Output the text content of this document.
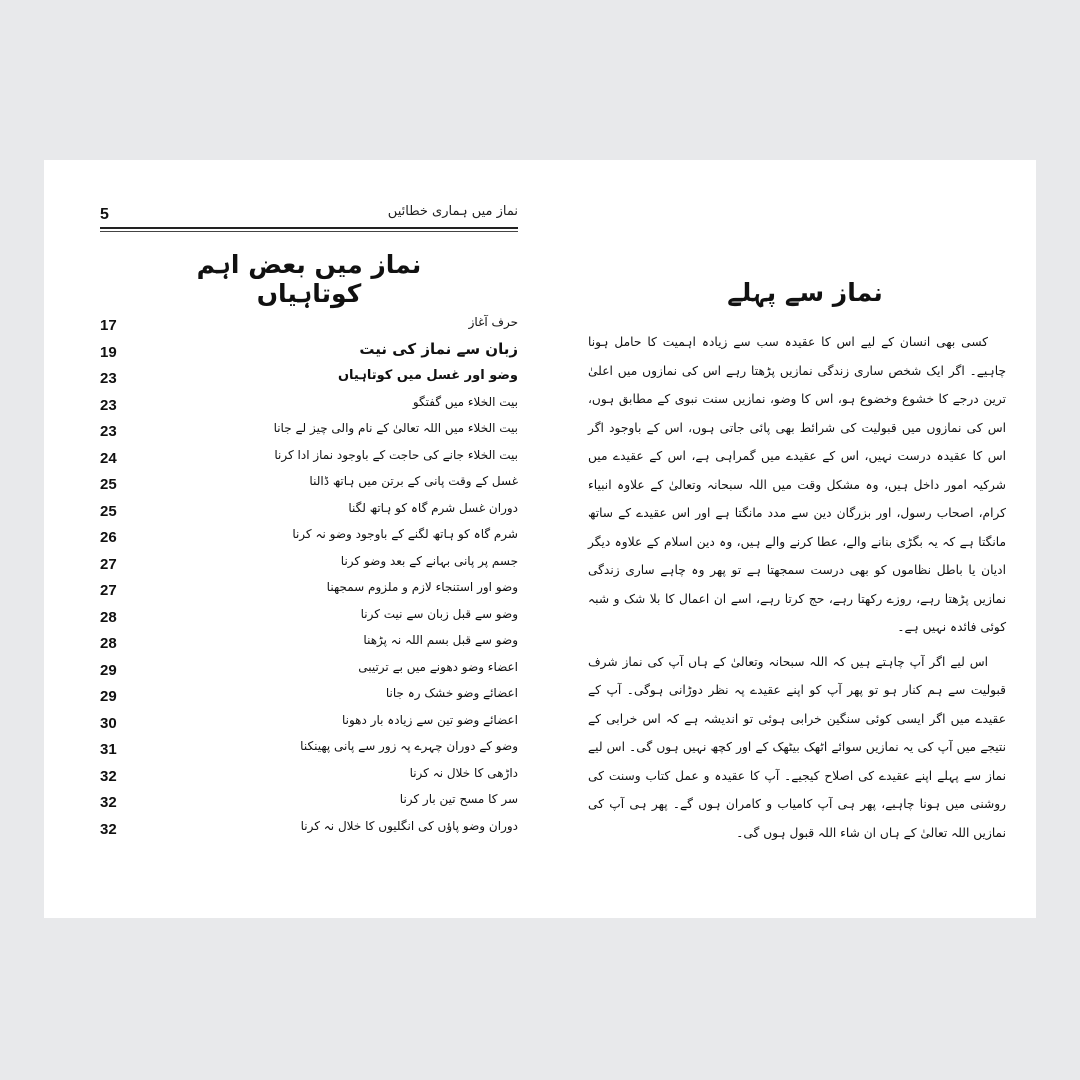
5	نماز میں ہماری خطائیں
نماز میں بعض اہم کوتاہیاں
17	حرف آغاز
19	زبان سے نماز کی نیت
23	وضو اور غسل میں کوتاہیاں
23	بیت الخلاء میں گفتگو
23	بیت الخلاء میں اللہ تعالیٰ کے نام والی چیز لے جانا
24	بیت الخلاء جانے کی حاجت کے باوجود نماز ادا کرنا
25	غسل کے وقت پانی کے برتن میں ہاتھ ڈالنا
25	دوران غسل شرم گاہ کو ہاتھ لگنا
26	شرم گاہ کو ہاتھ لگنے کے باوجود وضو نہ کرنا
27	جسم پر پانی بہانے کے بعد وضو کرنا
27	وضو اور استنجاء لازم و ملزوم سمجھنا
28	وضو سے قبل زبان سے نیت کرنا
28	وضو سے قبل بسم اللہ نہ پڑھنا
29	اعضاء وضو دھونے میں بے ترتیبی
29	اعضائے وضو خشک رہ جانا
30	اعضائے وضو تین سے زیادہ بار دھونا
31	وضو کے دوران چہرے پہ زور سے پانی پھینکنا
32	داڑھی کا خلال نہ کرنا
32	سر کا مسح تین بار کرنا
32	دوران وضو پاؤں کی انگلیوں کا خلال نہ کرنا
نماز سے پہلے

کسی بھی انسان کے لیے اس کا عقیدہ سب سے زیادہ اہمیت کا حامل ہونا چاہیے۔ اگر ایک شخص ساری زندگی نمازیں پڑھتا رہے اس کی نمازوں میں اعلیٰ ترین درجے کا خشوع وخضوع ہو، اس کا وضو، نمازیں سنت نبوی کے مطابق ہوں، اس کی نمازوں میں قبولیت کی شرائط بھی پائی جاتی ہوں، اس کے باوجود اگر اس کا عقیدہ درست نہیں، اس کے عقیدے میں گمراہی ہے، اس کے عقیدے میں شرکیہ امور داخل ہیں، وہ مشکل وقت میں اللہ سبحانہ وتعالیٰ کے علاوہ انبیاء کرام، اصحاب رسول، اور بزرگان دین سے مدد مانگتا ہے اور اس عقیدے کے ساتھ مانگتا ہے کہ یہ بگڑی بنانے والے، عطا کرنے والے ہیں، وہ دین اسلام کے علاوہ دیگر ادیان یا باطل نظاموں کو بھی درست سمجھتا ہے تو پھر وہ چاہے ساری زندگی نمازیں پڑھتا رہے، روزے رکھتا رہے، حج کرتا رہے، اسے ان اعمال کا بلا شک و شبہ کوئی فائدہ نہیں ہے۔

اس لیے اگر آپ چاہتے ہیں کہ اللہ سبحانہ وتعالیٰ کے ہاں آپ کی نماز شرف قبولیت سے ہم کنار ہو تو پھر آپ کو اپنے عقیدے پہ نظر دوڑانی ہوگی۔ آپ کے عقیدے میں اگر ایسی کوئی سنگین خرابی ہوئی تو اندیشہ ہے کہ اس خرابی کے نتیجے میں آپ کی یہ نمازیں سوائے اٹھک بیٹھک کے اور کچھ نہیں ہوں گی۔ اس لیے نماز سے پہلے اپنے عقیدے کی اصلاح کیجیے۔ آپ کا عقیدہ و عمل کتاب وسنت کی روشنی میں ہونا چاہیے، پھر ہی آپ کامیاب و کامران ہوں گے۔ پھر ہی آپ کی نمازیں اللہ تعالیٰ کے ہاں ان شاء اللہ قبول ہوں گی۔
